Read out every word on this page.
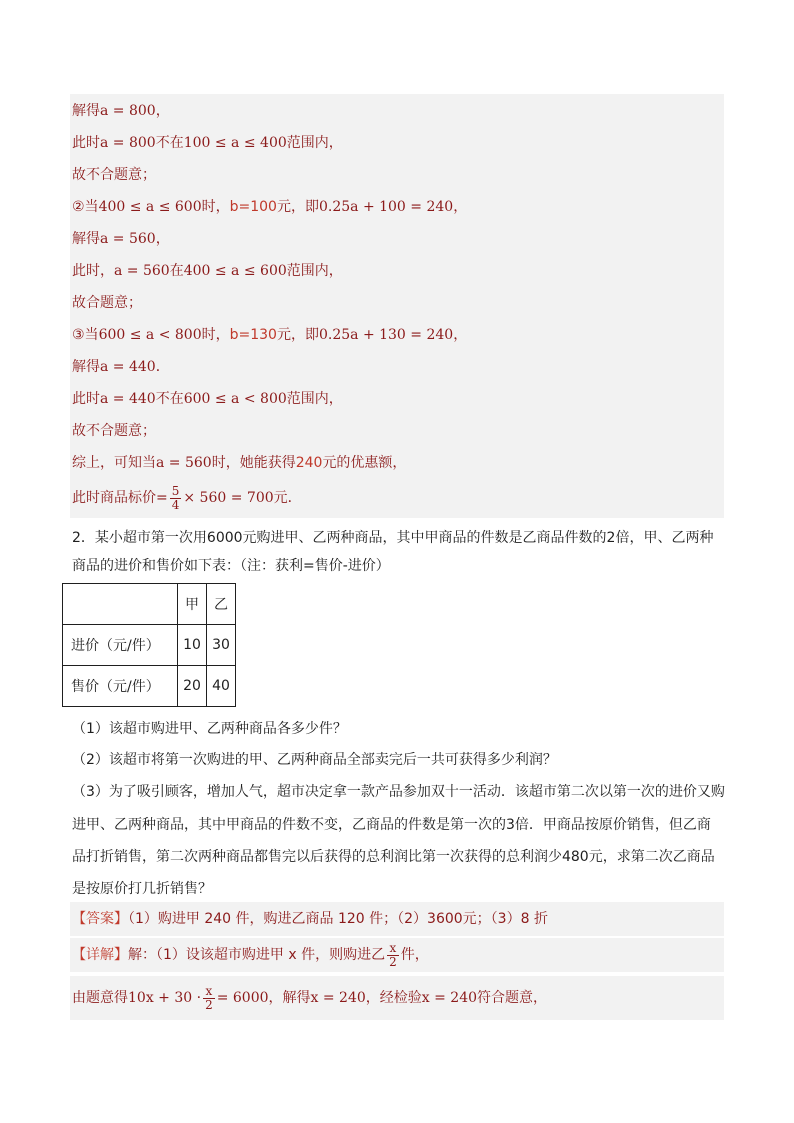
解得a = 800，
此时a = 800不在100 ≤ a ≤ 400范围内，
故不合题意；
②当400 ≤ a ≤ 600时，b=100元，即0.25a + 100 = 240，
解得a = 560，
此时，a = 560在400 ≤ a ≤ 600范围内，
故合题意；
③当600 ≤ a < 800时，b=130元，即0.25a + 130 = 240，
解得a = 440．
此时a = 440不在600 ≤ a < 800范围内，
故不合题意；
综上，可知当a = 560时，她能获得240元的优惠额，
此时商品标价= $\frac{5}{4} \times 560 = 700$元．
2．某小超市第一次用6000元购进甲、乙两种商品，其中甲商品的件数是乙商品件数的2倍，甲、乙两种
商品的进价和售价如下表：（注：获利=售价-进价）
	甲	乙
进价（元/件）	10	30
售价（元/件）	20	40
（1）该超市购进甲、乙两种商品各多少件？
（2）该超市将第一次购进的甲、乙两种商品全部卖完后一共可获得多少利润？
（3）为了吸引顾客，增加人气，超市决定拿一款产品参加双十一活动．该超市第二次以第一次的进价又购
进甲、乙两种商品，其中甲商品的件数不变，乙商品的件数是第一次的3倍．甲商品按原价销售，但乙商
品打折销售，第二次两种商品都售完以后获得的总利润比第一次获得的总利润少480元，求第二次乙商品
是按原价打几折销售？
【答案】（1）购进甲 240 件，购进乙商品 120 件；（2）3600元；（3）8 折
【详解】解：（1）设该超市购进甲 x 件，则购进乙 $\frac{x}{2}$ 件，
由题意得$10x + 30 \cdot \frac{x}{2} = 6000$，解得x = 240，经检验x = 240符合题意，
